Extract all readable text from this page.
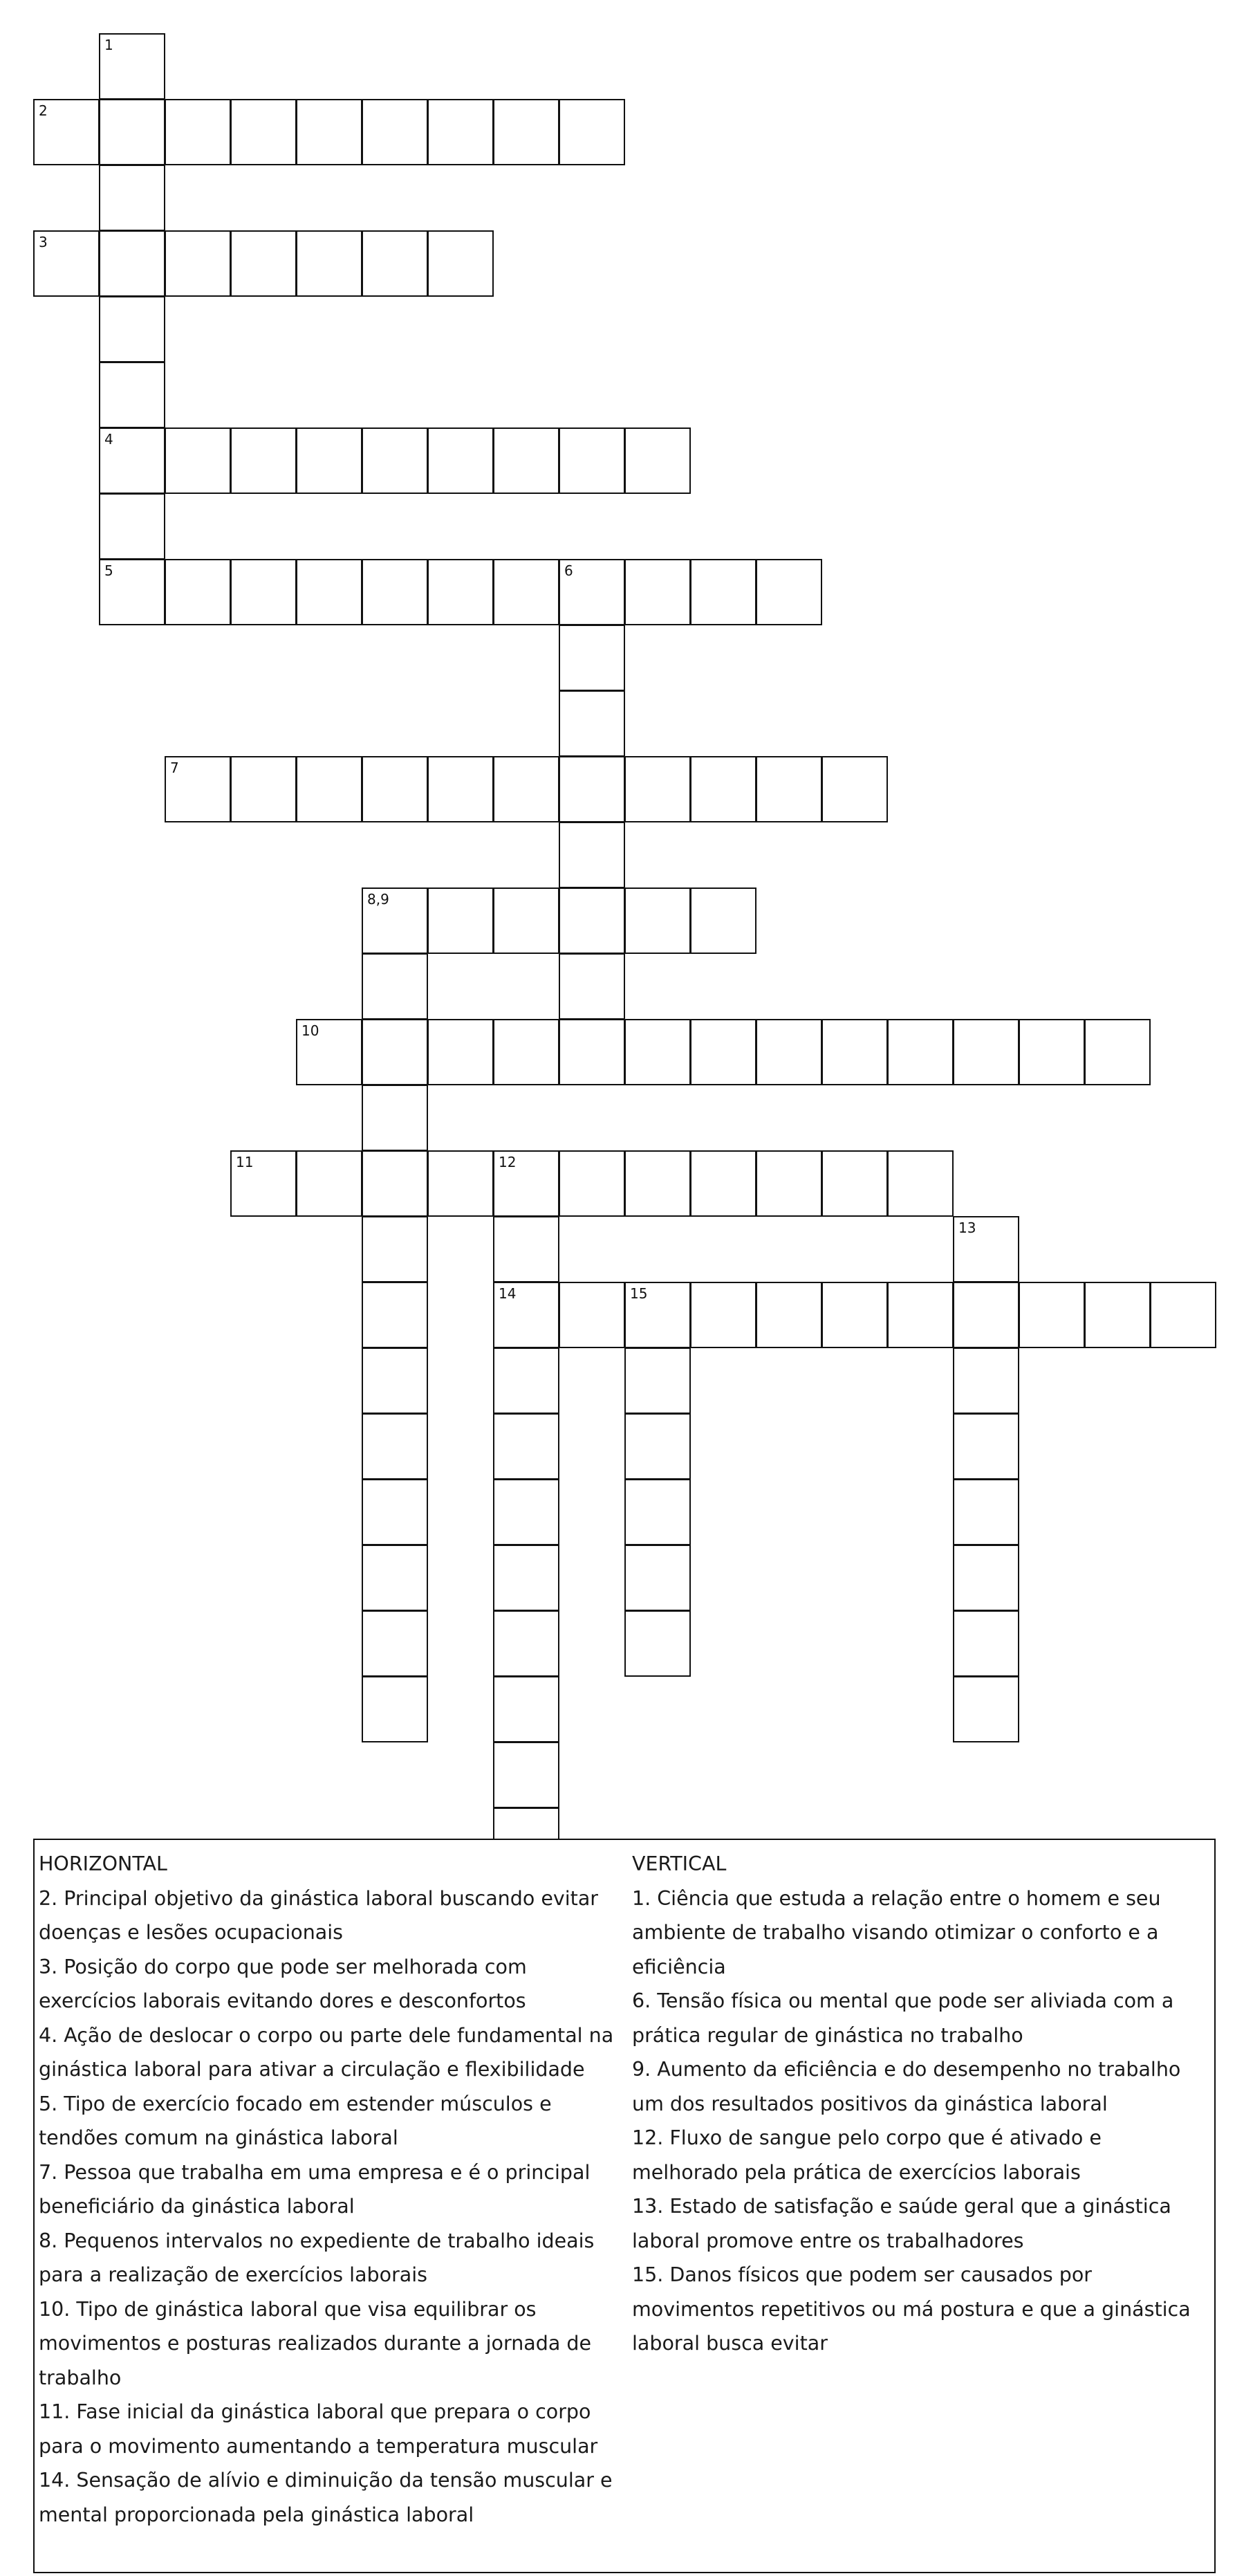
2
3
4
5	6
7
8,9
10
11	12
14	15
1
13

HORIZONTAL

2. Principal objetivo da ginástica laboral buscando evitar doenças e lesões ocupacionais

3. Posição do corpo que pode ser melhorada com exercícios laborais evitando dores e desconfortos

4. Ação de deslocar o corpo ou parte dele fundamental na ginástica laboral para ativar a circulação e flexibilidade

5. Tipo de exercício focado em estender músculos e tendões comum na ginástica laboral

7. Pessoa que trabalha em uma empresa e é o principal beneficiário da ginástica laboral

8. Pequenos intervalos no expediente de trabalho ideais para a realização de exercícios laborais

10. Tipo de ginástica laboral que visa equilibrar os movimentos e posturas realizados durante a jornada de trabalho

11. Fase inicial da ginástica laboral que prepara o corpo para o movimento aumentando a temperatura muscular

14. Sensação de alívio e diminuição da tensão muscular e mental proporcionada pela ginástica laboral

VERTICAL

1. Ciência que estuda a relação entre o homem e seu ambiente de trabalho visando otimizar o conforto e a eficiência

6. Tensão física ou mental que pode ser aliviada com a prática regular de ginástica no trabalho

9. Aumento da eficiência e do desempenho no trabalho um dos resultados positivos da ginástica laboral

12. Fluxo de sangue pelo corpo que é ativado e melhorado pela prática de exercícios laborais

13. Estado de satisfação e saúde geral que a ginástica laboral promove entre os trabalhadores

15. Danos físicos que podem ser causados por movimentos repetitivos ou má postura e que a ginástica laboral busca evitar
